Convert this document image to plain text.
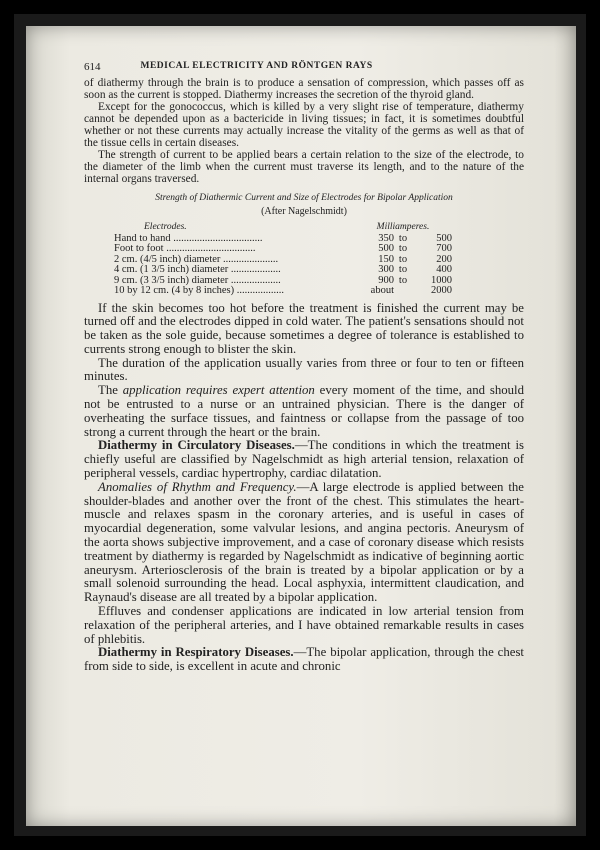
614	MEDICAL ELECTRICITY AND RÖNTGEN RAYS

of diathermy through the brain is to produce a sensation of compression, which passes off as soon as the current is stopped. Diathermy increases the secretion of the thyroid gland.

Except for the gonococcus, which is killed by a very slight rise of temperature, diathermy cannot be depended upon as a bactericide in living tissues; in fact, it is sometimes doubtful whether or not these currents may actually increase the vitality of the germs as well as that of the tissue cells in certain diseases.

The strength of current to be applied bears a certain relation to the size of the electrode, to the diameter of the limb when the current must traverse its length, and to the nature of the internal organs traversed.

Strength of Diathermic Current and Size of Electrodes for Bipolar Application
(After Nagelschmidt)
Electrodes.	Milliamperes.		
Hand to hand ..................................	350	to	500
Foot to foot ..................................	500	to	700
2 cm. (4/5 inch) diameter .....................	150	to	200
4 cm. (1 3/5 inch) diameter ...................	300	to	400
9 cm. (3 3/5 inch) diameter ...................	900	to	1000
10 by 12 cm. (4 by 8 inches) ..................	about		2000

If the skin becomes too hot before the treatment is finished the current may be turned off and the electrodes dipped in cold water. The patient's sensations should not be taken as the sole guide, because sometimes a degree of tolerance is established to currents strong enough to blister the skin.

The duration of the application usually varies from three or four to ten or fifteen minutes.

The application requires expert attention every moment of the time, and should not be entrusted to a nurse or an untrained physician. There is the danger of overheating the surface tissues, and faintness or collapse from the passage of too strong a current through the heart or the brain.

Diathermy in Circulatory Diseases.—The conditions in which the treatment is chiefly useful are classified by Nagelschmidt as high arterial tension, relaxation of peripheral vessels, cardiac hypertrophy, cardiac dilatation.

Anomalies of Rhythm and Frequency.—A large electrode is applied between the shoulder-blades and another over the front of the chest. This stimulates the heart-muscle and relaxes spasm in the coronary arteries, and is useful in cases of myocardial degeneration, some valvular lesions, and angina pectoris. Aneurysm of the aorta shows subjective improvement, and a case of coronary disease which resists treatment by diathermy is regarded by Nagelschmidt as indicative of beginning aortic aneurysm. Arteriosclerosis of the brain is treated by a bipolar application or by a small solenoid surrounding the head. Local asphyxia, intermittent claudication, and Raynaud's disease are all treated by a bipolar application.

Effluves and condenser applications are indicated in low arterial tension from relaxation of the peripheral arteries, and I have obtained remarkable results in cases of phlebitis.

Diathermy in Respiratory Diseases.—The bipolar application, through the chest from side to side, is excellent in acute and chronic
